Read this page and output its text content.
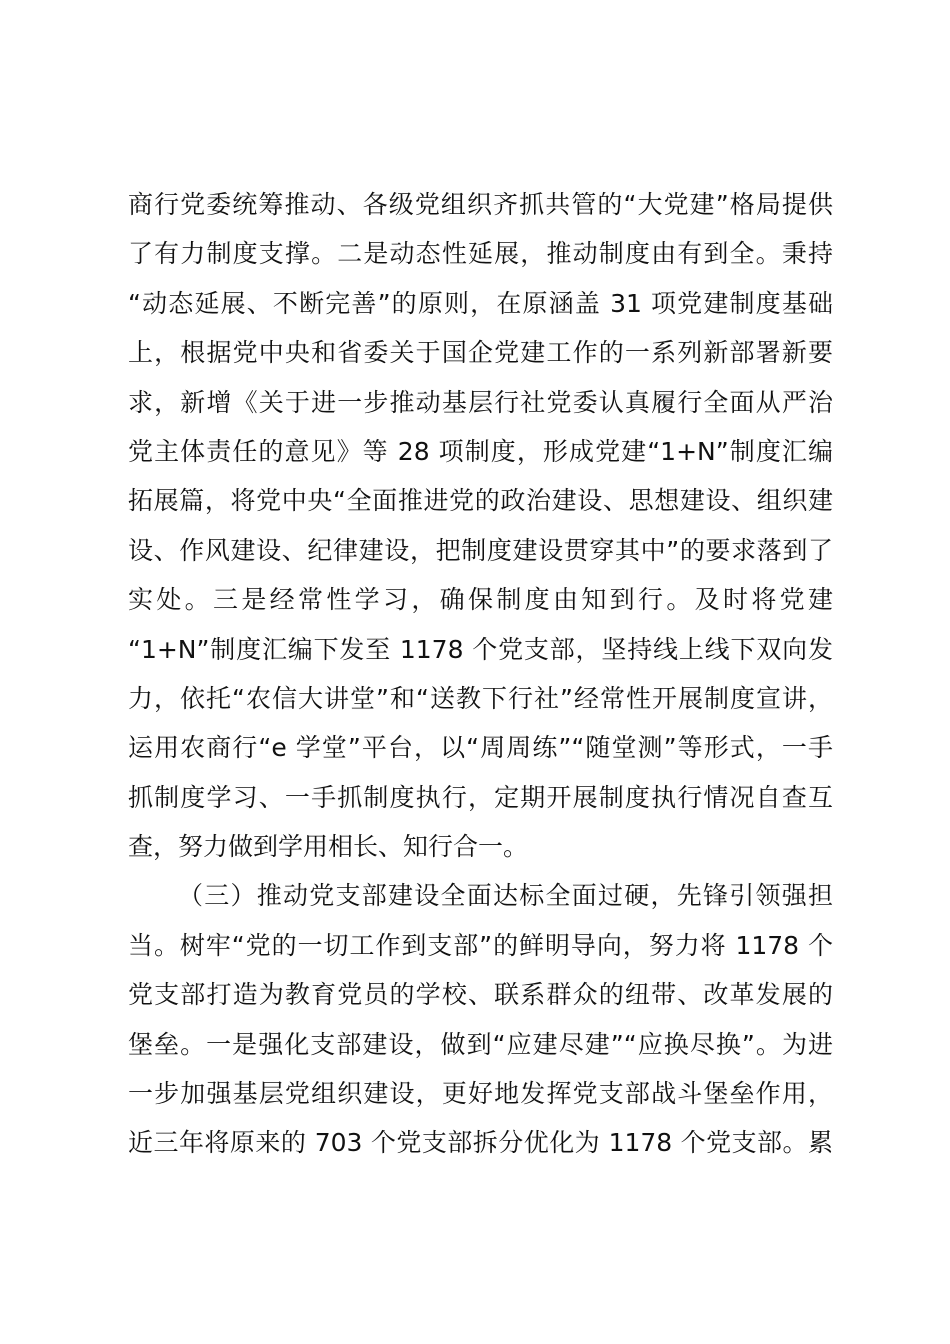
商行党委统筹推动、各级党组织齐抓共管的“大党建”格局提供
了有力制度支撑。二是动态性延展，推动制度由有到全。秉持
“动态延展、不断完善”的原则，在原涵盖 31 项党建制度基础
上，根据党中央和省委关于国企党建工作的一系列新部署新要
求，新增《关于进一步推动基层行社党委认真履行全面从严治
党主体责任的意见》等 28 项制度，形成党建“1+N”制度汇编
拓展篇，将党中央“全面推进党的政治建设、思想建设、组织建
设、作风建设、纪律建设，把制度建设贯穿其中”的要求落到了
实处。三是经常性学习，确保制度由知到行。及时将党建
“1+N”制度汇编下发至 1178 个党支部，坚持线上线下双向发
力，依托“农信大讲堂”和“送教下行社”经常性开展制度宣讲，
运用农商行“e 学堂”平台，以“周周练”“随堂测”等形式，一手
抓制度学习、一手抓制度执行，定期开展制度执行情况自查互
查，努力做到学用相长、知行合一。
（三）推动党支部建设全面达标全面过硬，先锋引领强担
当。树牢“党的一切工作到支部”的鲜明导向，努力将 1178 个
党支部打造为教育党员的学校、联系群众的纽带、改革发展的
堡垒。一是强化支部建设，做到“应建尽建”“应换尽换”。为进
一步加强基层党组织建设，更好地发挥党支部战斗堡垒作用，
近三年将原来的 703 个党支部拆分优化为 1178 个党支部。累
